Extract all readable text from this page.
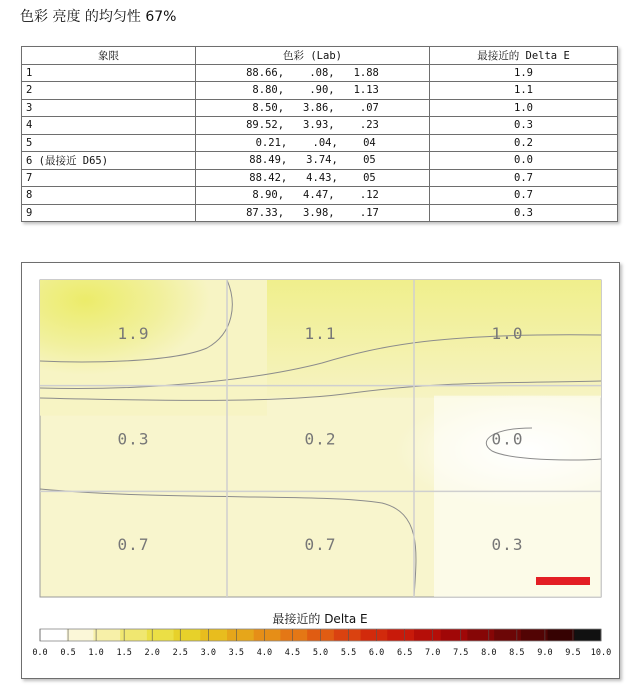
色彩 亮度 的均匀性 67%
象限	色彩 (Lab)	最接近的 Delta E
1	88.66,    .08,   1.88	1.9
2	8.80,    .90,   1.13	1.1
3	8.50,   3.86,    .07	1.0
4	89.52,   3.93,    .23	0.3
5	0.21,    .04,    04	0.2
6 (最接近 D65)	88.49,   3.74,    05	0.0
7	88.42,   4.43,    05	0.7
8	8.90,   4.47,    .12	0.7
9	87.33,   3.98,    .17	0.3
1.9	1.1	1.0
0.3	0.2	0.0
0.7	0.7	0.3
最接近的 Delta E
0.0 0.5 1.0 1.5 2.0 2.5 3.0 3.5 4.0 4.5 5.0 5.5 6.0 6.5 7.0 7.5 8.0 8.5 9.0 9.5 10.0
